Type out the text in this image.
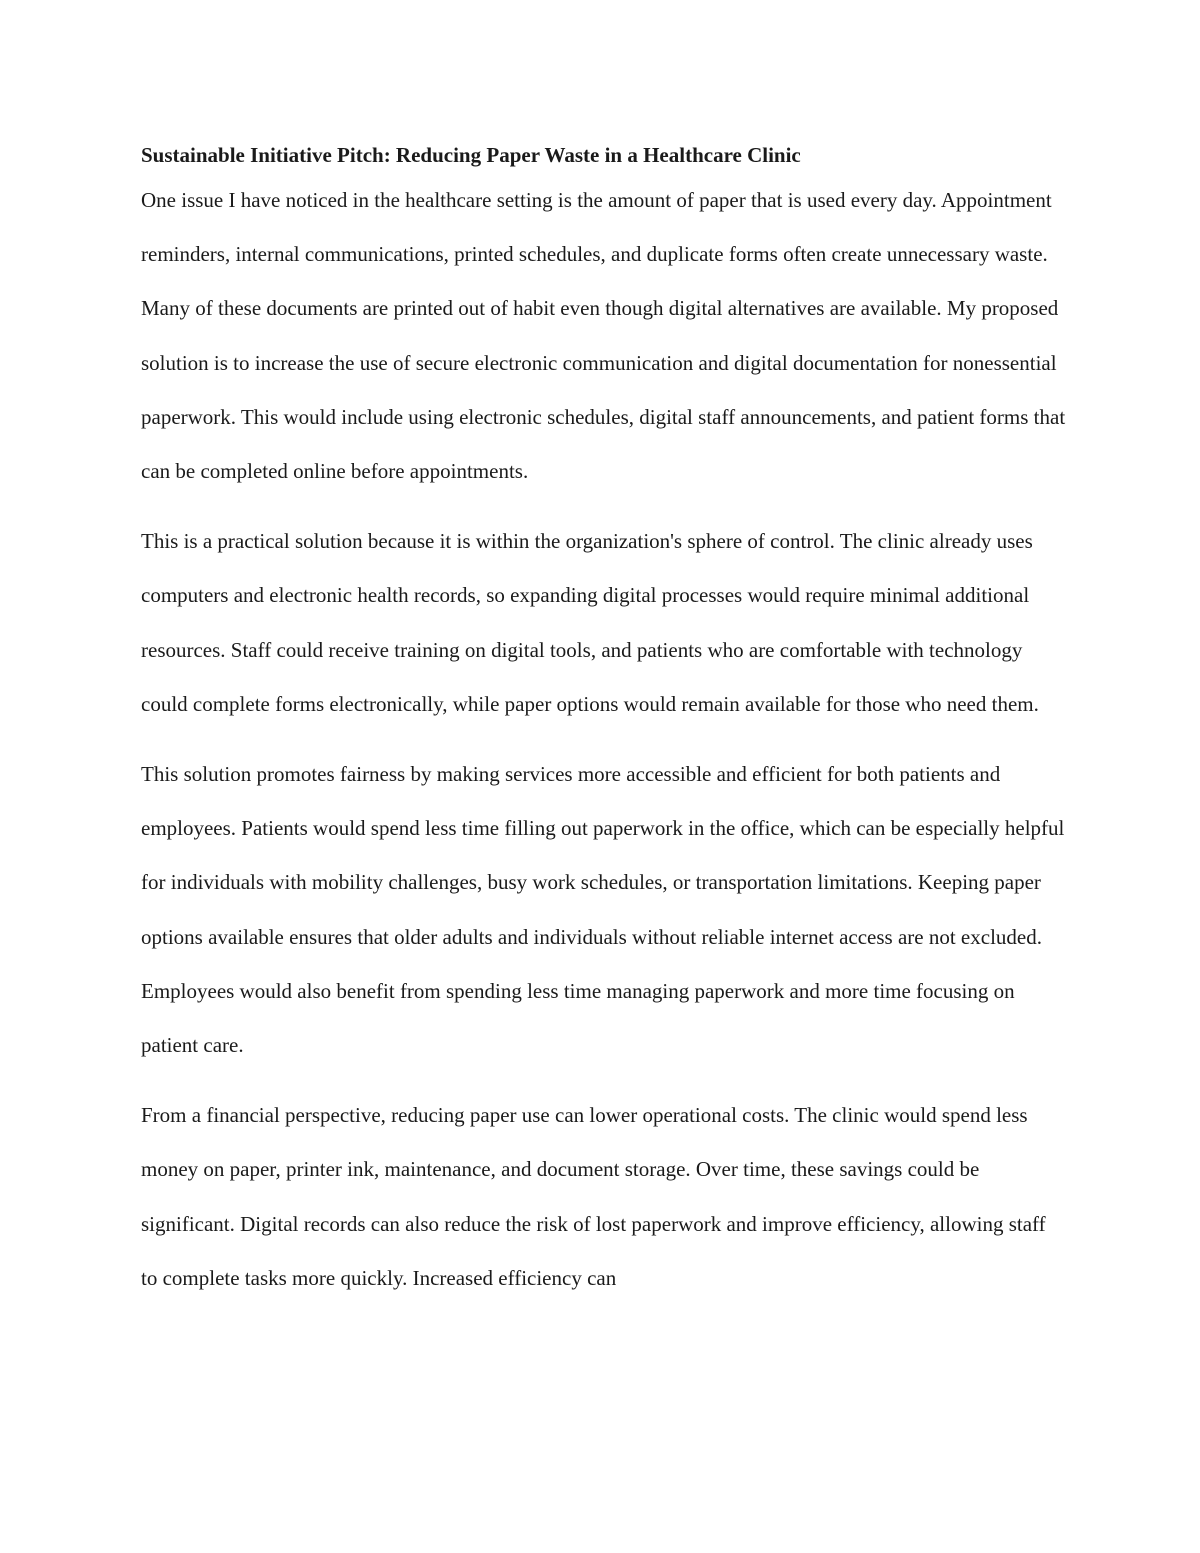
Sustainable Initiative Pitch: Reducing Paper Waste in a Healthcare Clinic

One issue I have noticed in the healthcare setting is the amount of paper that is used every day. Appointment reminders, internal communications, printed schedules, and duplicate forms often create unnecessary waste. Many of these documents are printed out of habit even though digital alternatives are available. My proposed solution is to increase the use of secure electronic communication and digital documentation for nonessential paperwork. This would include using electronic schedules, digital staff announcements, and patient forms that can be completed online before appointments.

This is a practical solution because it is within the organization's sphere of control. The clinic already uses computers and electronic health records, so expanding digital processes would require minimal additional resources. Staff could receive training on digital tools, and patients who are comfortable with technology could complete forms electronically, while paper options would remain available for those who need them.

This solution promotes fairness by making services more accessible and efficient for both patients and employees. Patients would spend less time filling out paperwork in the office, which can be especially helpful for individuals with mobility challenges, busy work schedules, or transportation limitations. Keeping paper options available ensures that older adults and individuals without reliable internet access are not excluded. Employees would also benefit from spending less time managing paperwork and more time focusing on patient care.

From a financial perspective, reducing paper use can lower operational costs. The clinic would spend less money on paper, printer ink, maintenance, and document storage. Over time, these savings could be significant. Digital records can also reduce the risk of lost paperwork and improve efficiency, allowing staff to complete tasks more quickly. Increased efficiency can
